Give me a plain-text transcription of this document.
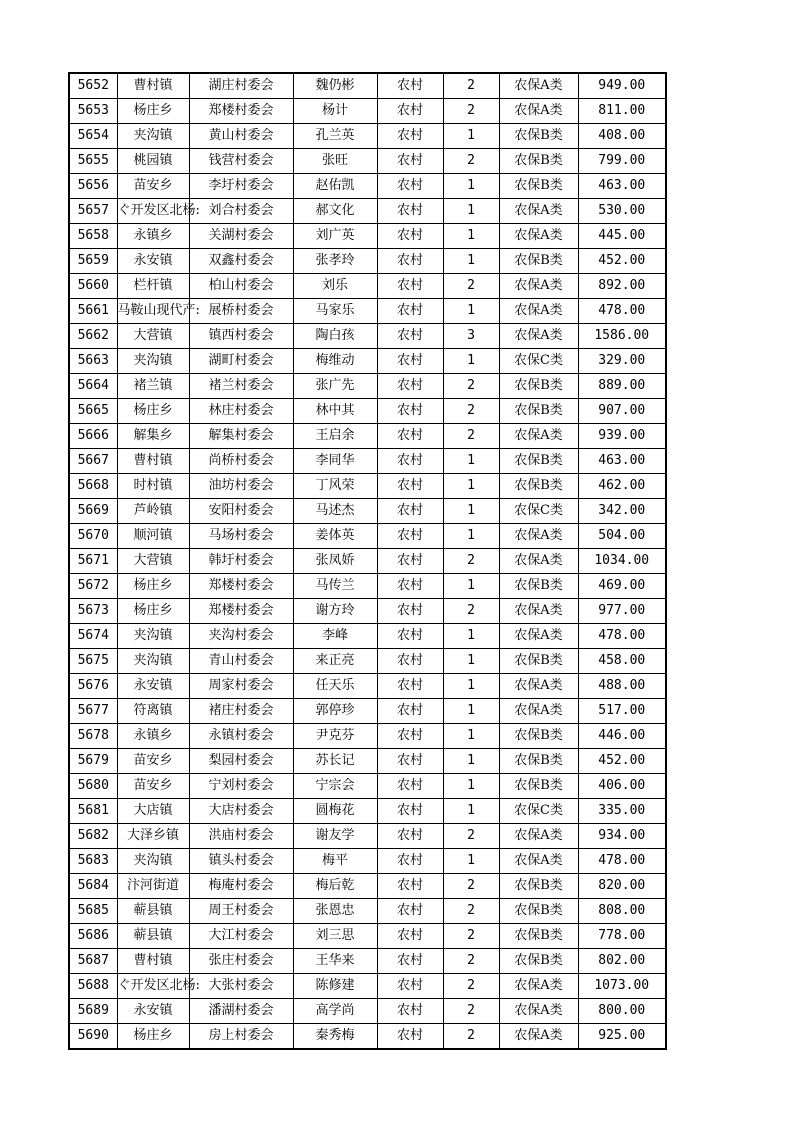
5652	曹村镇	湖庄村委会	魏仍彬	农村	2	农保A类	949.00
5653	杨庄乡	郑楼村委会	杨计	农村	2	农保A类	811.00
5654	夹沟镇	黄山村委会	孔兰英	农村	1	农保B类	408.00
5655	桃园镇	钱营村委会	张旺	农村	2	农保B类	799.00
5656	苗安乡	李圩村委会	赵佑凯	农村	1	农保B类	463.00
5657	ぐ开发区北杨:	刘合村委会	郝文化	农村	1	农保A类	530.00
5658	永镇乡	关湖村委会	刘广英	农村	1	农保A类	445.00
5659	永安镇	双鑫村委会	张孝玲	农村	1	农保B类	452.00
5660	栏杆镇	柏山村委会	刘乐	农村	2	农保A类	892.00
5661	马鞍山现代产:	展桥村委会	马家乐	农村	1	农保A类	478.00
5662	大营镇	镇西村委会	陶白孩	农村	3	农保A类	1586.00
5663	夹沟镇	湖町村委会	梅维动	农村	1	农保C类	329.00
5664	褚兰镇	褚兰村委会	张广先	农村	2	农保B类	889.00
5665	杨庄乡	林庄村委会	林中其	农村	2	农保B类	907.00
5666	解集乡	解集村委会	王启余	农村	2	农保A类	939.00
5667	曹村镇	尚桥村委会	李同华	农村	1	农保B类	463.00
5668	时村镇	油坊村委会	丁风荣	农村	1	农保B类	462.00
5669	芦岭镇	安阳村委会	马述杰	农村	1	农保C类	342.00
5670	顺河镇	马场村委会	姜体英	农村	1	农保A类	504.00
5671	大营镇	韩圩村委会	张凤娇	农村	2	农保A类	1034.00
5672	杨庄乡	郑楼村委会	马传兰	农村	1	农保B类	469.00
5673	杨庄乡	郑楼村委会	谢方玲	农村	2	农保A类	977.00
5674	夹沟镇	夹沟村委会	李峰	农村	1	农保A类	478.00
5675	夹沟镇	青山村委会	来正亮	农村	1	农保B类	458.00
5676	永安镇	周家村委会	任天乐	农村	1	农保A类	488.00
5677	符离镇	褚庄村委会	郭停珍	农村	1	农保A类	517.00
5678	永镇乡	永镇村委会	尹克芬	农村	1	农保B类	446.00
5679	苗安乡	梨园村委会	苏长记	农村	1	农保B类	452.00
5680	苗安乡	宁刘村委会	宁宗会	农村	1	农保B类	406.00
5681	大店镇	大店村委会	圆梅花	农村	1	农保C类	335.00
5682	大泽乡镇	洪庙村委会	谢友学	农村	2	农保A类	934.00
5683	夹沟镇	镇头村委会	梅平	农村	1	农保A类	478.00
5684	汴河街道	梅庵村委会	梅后乾	农村	2	农保B类	820.00
5685	蕲县镇	周王村委会	张恩忠	农村	2	农保B类	808.00
5686	蕲县镇	大江村委会	刘三思	农村	2	农保B类	778.00
5687	曹村镇	张庄村委会	王华来	农村	2	农保B类	802.00
5688	ぐ开发区北杨:	大张村委会	陈修建	农村	2	农保A类	1073.00
5689	永安镇	潘湖村委会	高学尚	农村	2	农保A类	800.00
5690	杨庄乡	房上村委会	秦秀梅	农村	2	农保A类	925.00
